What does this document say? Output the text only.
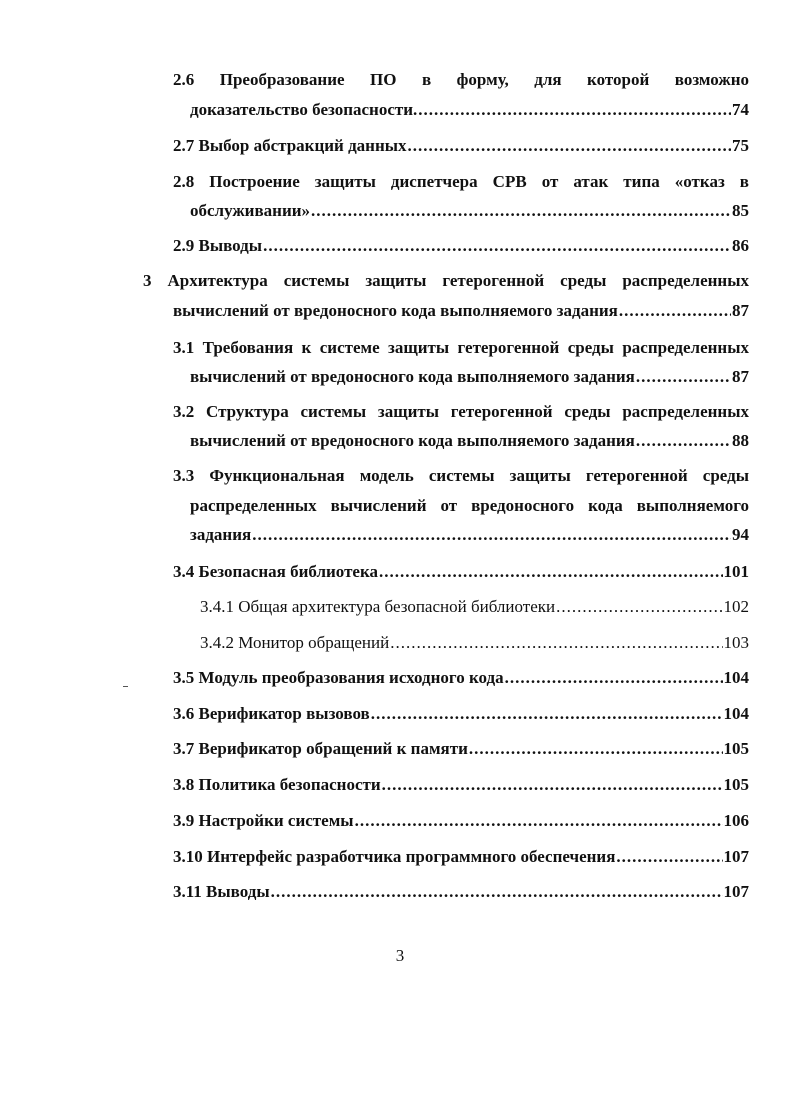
2.6 Преобразование ПО в форму, для которой возможно
доказательство безопасности. .....	74
2.7 Выбор абстракций данных .....	75
2.8 Построение защиты диспетчера СРВ от атак типа «отказ в
обслуживании» .....	85
2.9 Выводы .....	86
3 Архитектура системы защиты гетерогенной среды распределенных
вычислений от вредоносного кода выполняемого задания .....	87
3.1 Требования к системе защиты гетерогенной среды распределенных
вычислений от вредоносного кода выполняемого задания .....	87
3.2 Структура системы защиты гетерогенной среды распределенных
вычислений от вредоносного кода выполняемого задания .....	88
3.3 Функциональная модель системы защиты гетерогенной среды
распределенных вычислений от вредоносного кода выполняемого
задания .....	94
3.4 Безопасная библиотека .....	101
3.4.1 Общая архитектура безопасной библиотеки .....	102
3.4.2 Монитор обращений .....	103
3.5 Модуль преобразования исходного кода .....	104
3.6 Верификатор вызовов .....	104
3.7 Верификатор обращений к памяти .....	105
3.8 Политика безопасности .....	105
3.9 Настройки системы .....	106
3.10 Интерфейс разработчика программного обеспечения .....	107
3.11 Выводы .....	107
3
